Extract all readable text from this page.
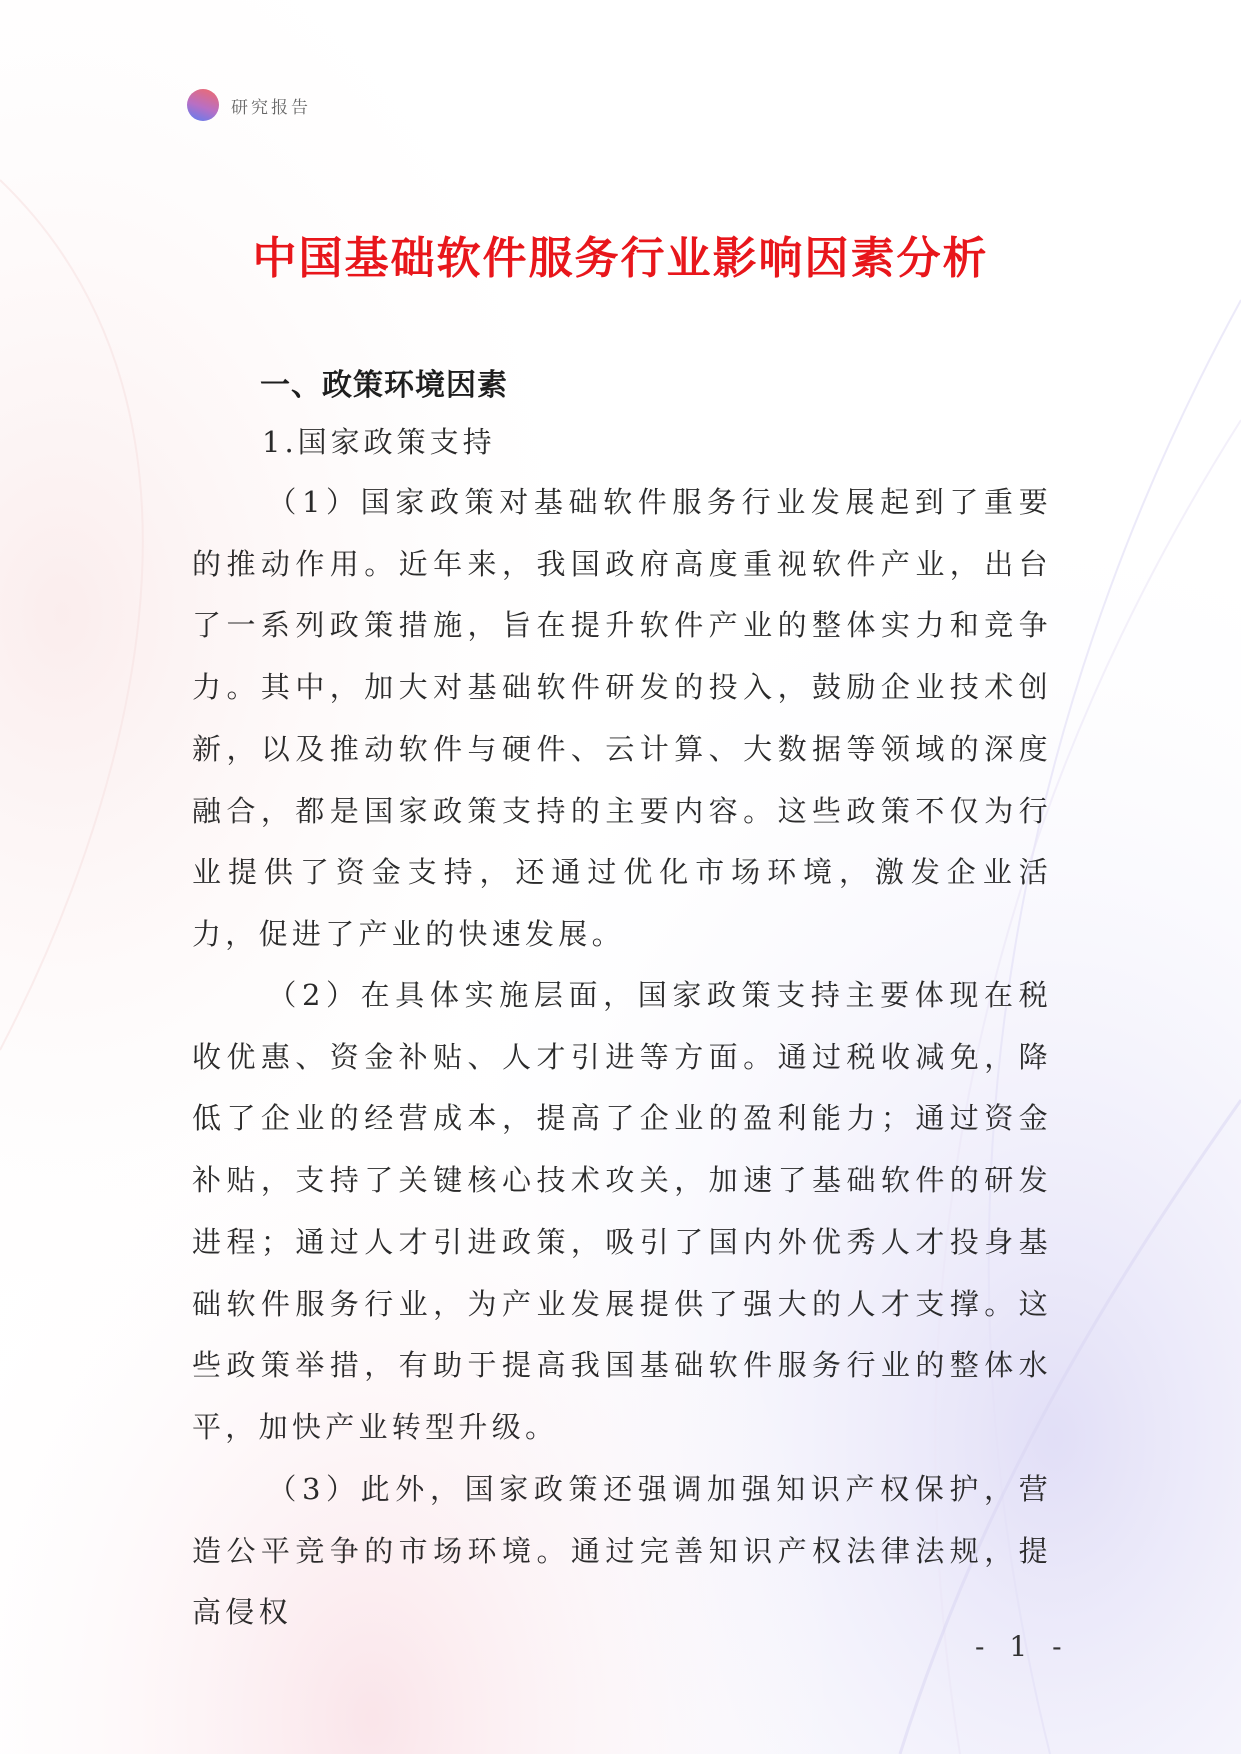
研究报告
中国基础软件服务行业影响因素分析
一、政策环境因素
1.国家政策支持

（1）国家政策对基础软件服务行业发展起到了重要的推动作用。近年来，我国政府高度重视软件产业，出台了一系列政策措施，旨在提升软件产业的整体实力和竞争力。其中，加大对基础软件研发的投入，鼓励企业技术创新，以及推动软件与硬件、云计算、大数据等领域的深度融合，都是国家政策支持的主要内容。这些政策不仅为行业提供了资金支持，还通过优化市场环境，激发企业活力，促进了产业的快速发展。

（2）在具体实施层面，国家政策支持主要体现在税收优惠、资金补贴、人才引进等方面。通过税收减免，降低了企业的经营成本，提高了企业的盈利能力；通过资金补贴，支持了关键核心技术攻关，加速了基础软件的研发进程；通过人才引进政策，吸引了国内外优秀人才投身基础软件服务行业，为产业发展提供了强大的人才支撑。这些政策举措，有助于提高我国基础软件服务行业的整体水平，加快产业转型升级。

（3）此外，国家政策还强调加强知识产权保护，营造公平竞争的市场环境。通过完善知识产权法律法规，提高侵权

- 1 -
